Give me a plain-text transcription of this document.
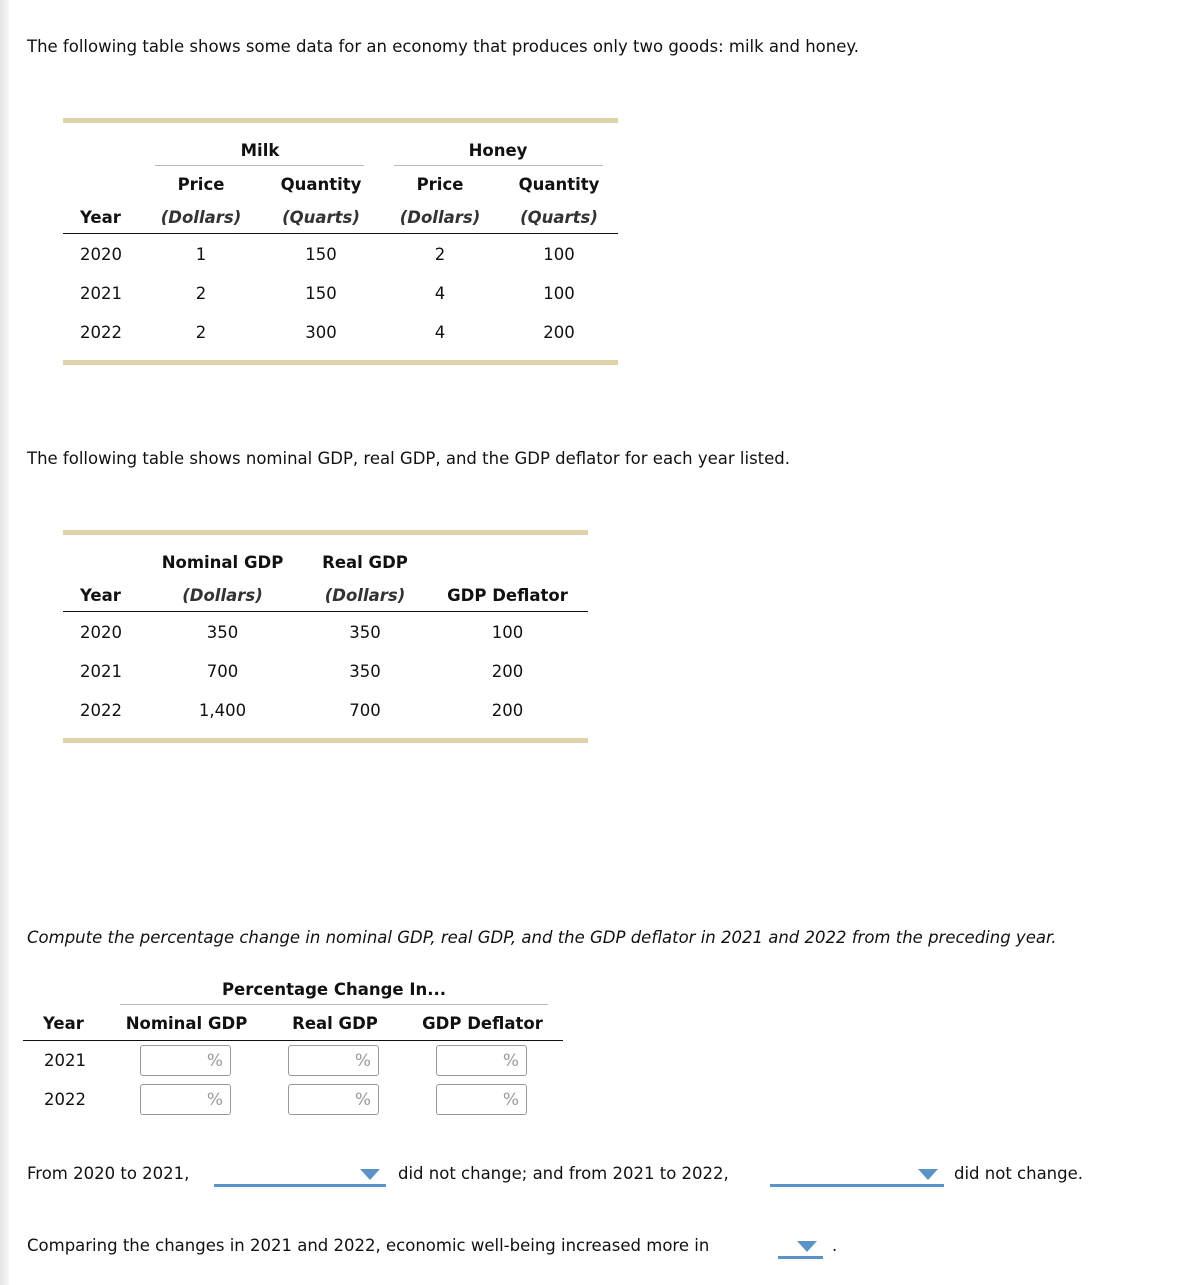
The following table shows some data for an economy that produces only two goods: milk and honey.
Milk	Honey
Price	Quantity	Price	Quantity
Year	(Dollars)	(Quarts)	(Dollars)	(Quarts)
2020	1	150	2	100
2021	2	150	4	100
2022	2	300	4	200
The following table shows nominal GDP, real GDP, and the GDP deflator for each year listed.
Nominal GDP	Real GDP
Year	(Dollars)	(Dollars)	GDP Deflator
2020	350	350	100
2021	700	350	200
2022	1,400	700	200
Compute the percentage change in nominal GDP, real GDP, and the GDP deflator in 2021 and 2022 from the preceding year.
Percentage Change In...
Year	Nominal GDP	Real GDP	GDP Deflator
2021	%	%	%
2022	%	%	%
From 2020 to 2021,	did not change; and from 2021 to 2022,	did not change.
Comparing the changes in 2021 and 2022, economic well-being increased more in	.
